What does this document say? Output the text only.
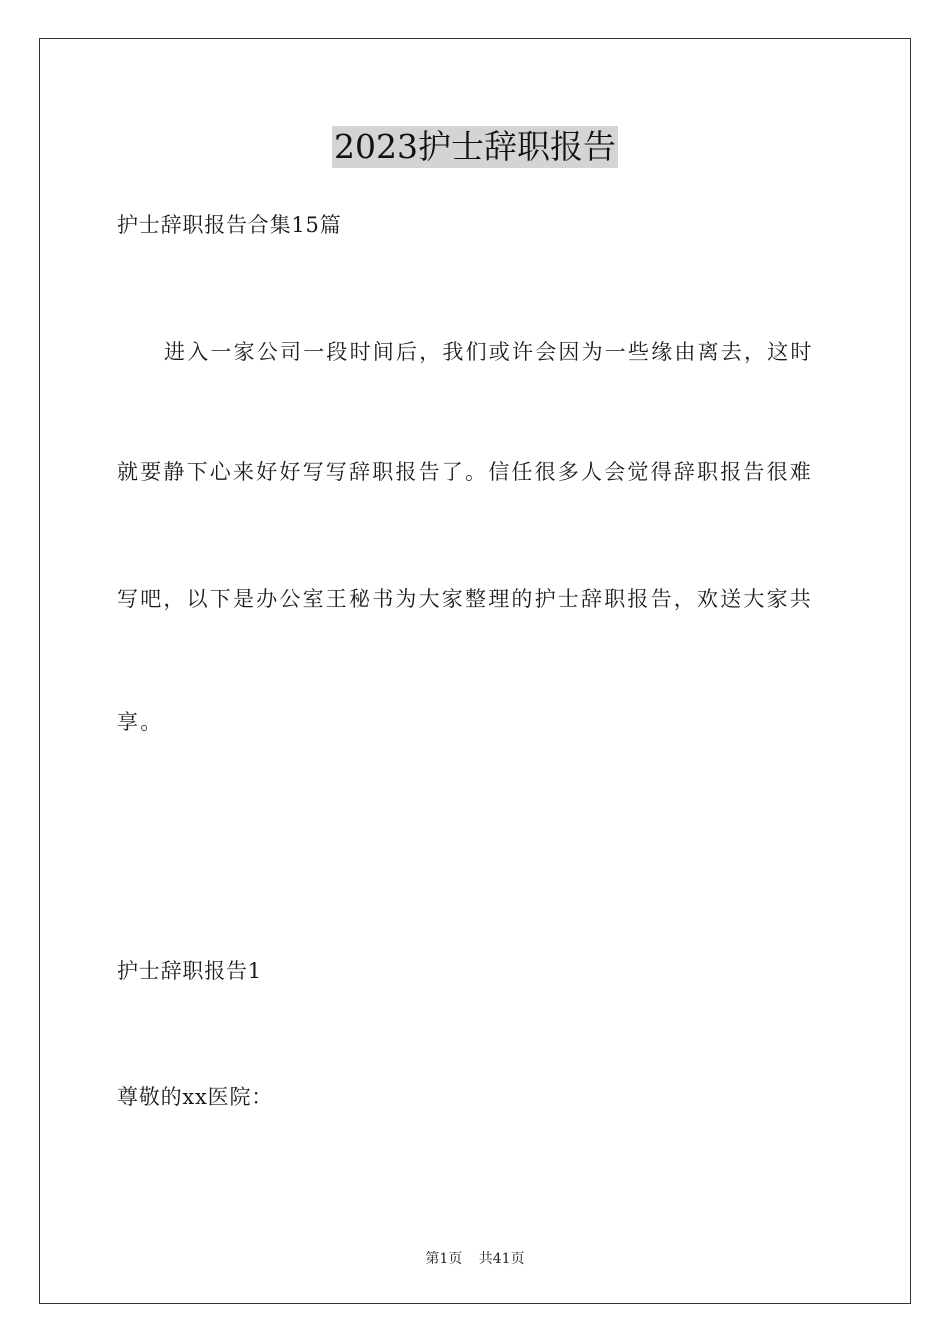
2023护士辞职报告
护士辞职报告合集15篇
进入一家公司一段时间后，我们或许会因为一些缘由离去，这时
就要静下心来好好写写辞职报告了。信任很多人会觉得辞职报告很难
写吧，以下是办公室王秘书为大家整理的护士辞职报告，欢送大家共
享。
护士辞职报告1
尊敬的xx医院：
第1页 共41页
